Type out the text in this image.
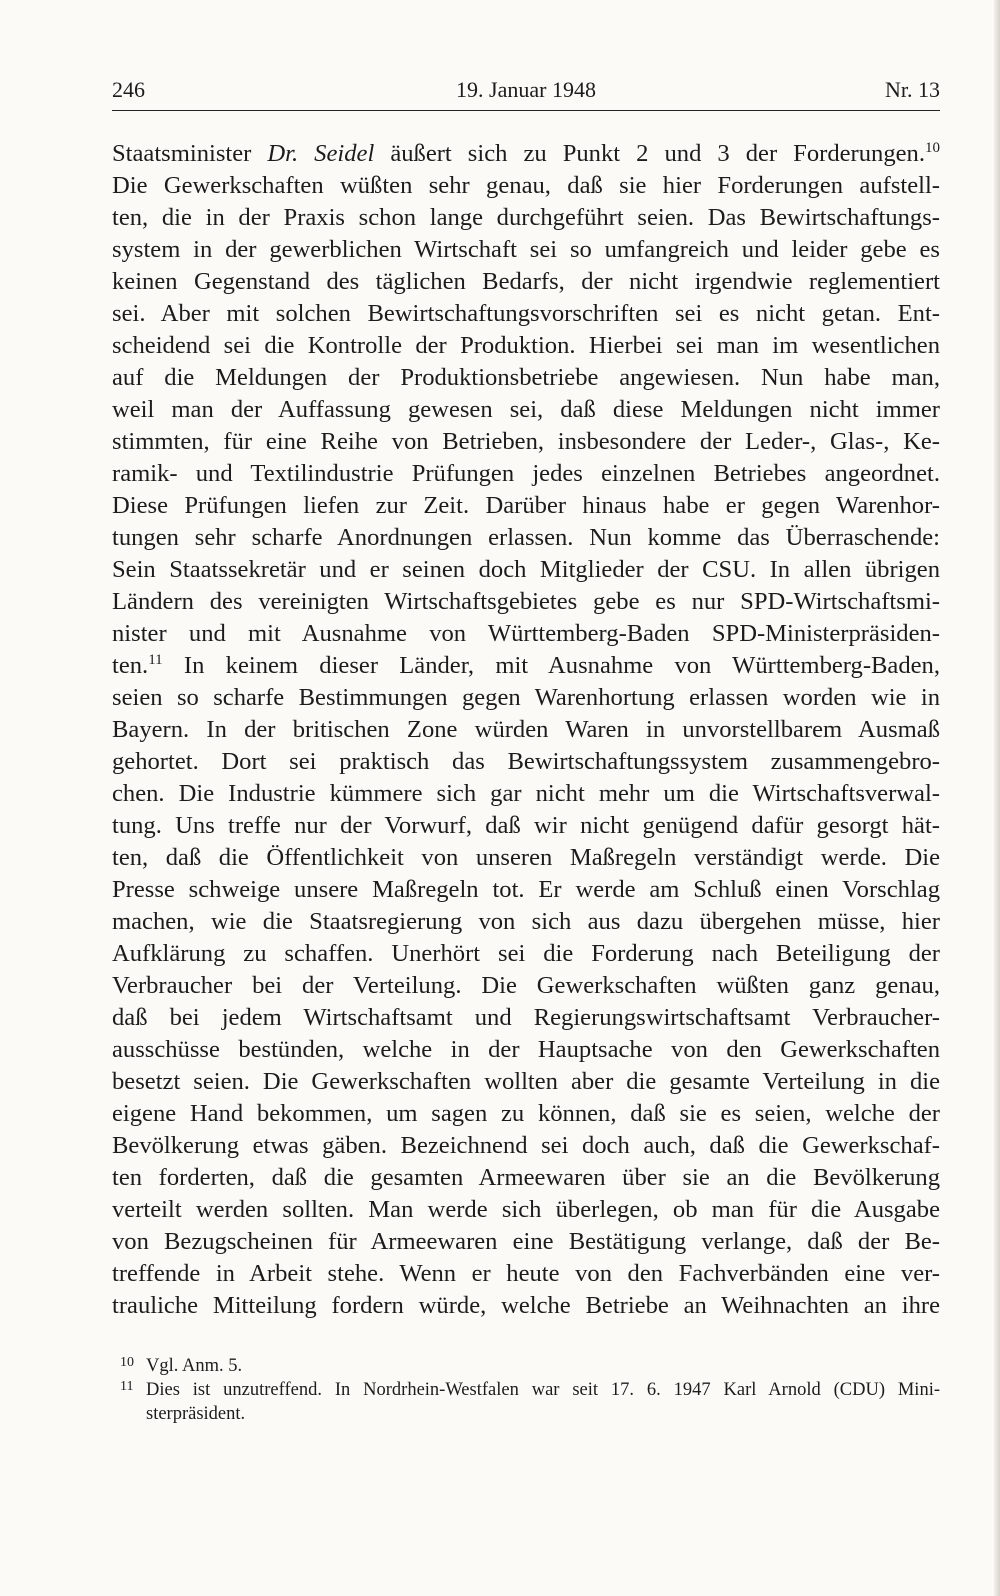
19. Januar 1948
246	Nr. 13
Staatsminister Dr. Seidel äußert sich zu Punkt 2 und 3 der Forderungen.$^{10}$
Die Gewerkschaften wüßten sehr genau, daß sie hier Forderungen aufstell-
ten, die in der Praxis schon lange durchgeführt seien. Das Bewirtschaftungs-
system in der gewerblichen Wirtschaft sei so umfangreich und leider gebe es
keinen Gegenstand des täglichen Bedarfs, der nicht irgendwie reglementiert
sei. Aber mit solchen Bewirtschaftungsvorschriften sei es nicht getan. Ent-
scheidend sei die Kontrolle der Produktion. Hierbei sei man im wesentlichen
auf die Meldungen der Produktionsbetriebe angewiesen. Nun habe man,
weil man der Auffassung gewesen sei, daß diese Meldungen nicht immer
stimmten, für eine Reihe von Betrieben, insbesondere der Leder-, Glas-, Ke-
ramik- und Textilindustrie Prüfungen jedes einzelnen Betriebes angeordnet.
Diese Prüfungen liefen zur Zeit. Darüber hinaus habe er gegen Warenhor-
tungen sehr scharfe Anordnungen erlassen. Nun komme das Überraschende:
Sein Staatssekretär und er seinen doch Mitglieder der CSU. In allen übrigen
Ländern des vereinigten Wirtschaftsgebietes gebe es nur SPD-Wirtschaftsmi-
nister und mit Ausnahme von Württemberg-Baden SPD-Ministerpräsiden-
ten.$^{11}$ In keinem dieser Länder, mit Ausnahme von Württemberg-Baden,
seien so scharfe Bestimmungen gegen Warenhortung erlassen worden wie in
Bayern. In der britischen Zone würden Waren in unvorstellbarem Ausmaß
gehortet. Dort sei praktisch das Bewirtschaftungssystem zusammengebro-
chen. Die Industrie kümmere sich gar nicht mehr um die Wirtschaftsverwal-
tung. Uns treffe nur der Vorwurf, daß wir nicht genügend dafür gesorgt hät-
ten, daß die Öffentlichkeit von unseren Maßregeln verständigt werde. Die
Presse schweige unsere Maßregeln tot. Er werde am Schluß einen Vorschlag
machen, wie die Staatsregierung von sich aus dazu übergehen müsse, hier
Aufklärung zu schaffen. Unerhört sei die Forderung nach Beteiligung der
Verbraucher bei der Verteilung. Die Gewerkschaften wüßten ganz genau,
daß bei jedem Wirtschaftsamt und Regierungswirtschaftsamt Verbraucher-
ausschüsse bestünden, welche in der Hauptsache von den Gewerkschaften
besetzt seien. Die Gewerkschaften wollten aber die gesamte Verteilung in die
eigene Hand bekommen, um sagen zu können, daß sie es seien, welche der
Bevölkerung etwas gäben. Bezeichnend sei doch auch, daß die Gewerkschaf-
ten forderten, daß die gesamten Armeewaren über sie an die Bevölkerung
verteilt werden sollten. Man werde sich überlegen, ob man für die Ausgabe
von Bezugscheinen für Armeewaren eine Bestätigung verlange, daß der Be-
treffende in Arbeit stehe. Wenn er heute von den Fachverbänden eine ver-
trauliche Mitteilung fordern würde, welche Betriebe an Weihnachten an ihre
10 Vgl. Anm. 5.
11 Dies ist unzutreffend. In Nordrhein-Westfalen war seit 17. 6. 1947 Karl Arnold (CDU) Mini-
sterpräsident.
